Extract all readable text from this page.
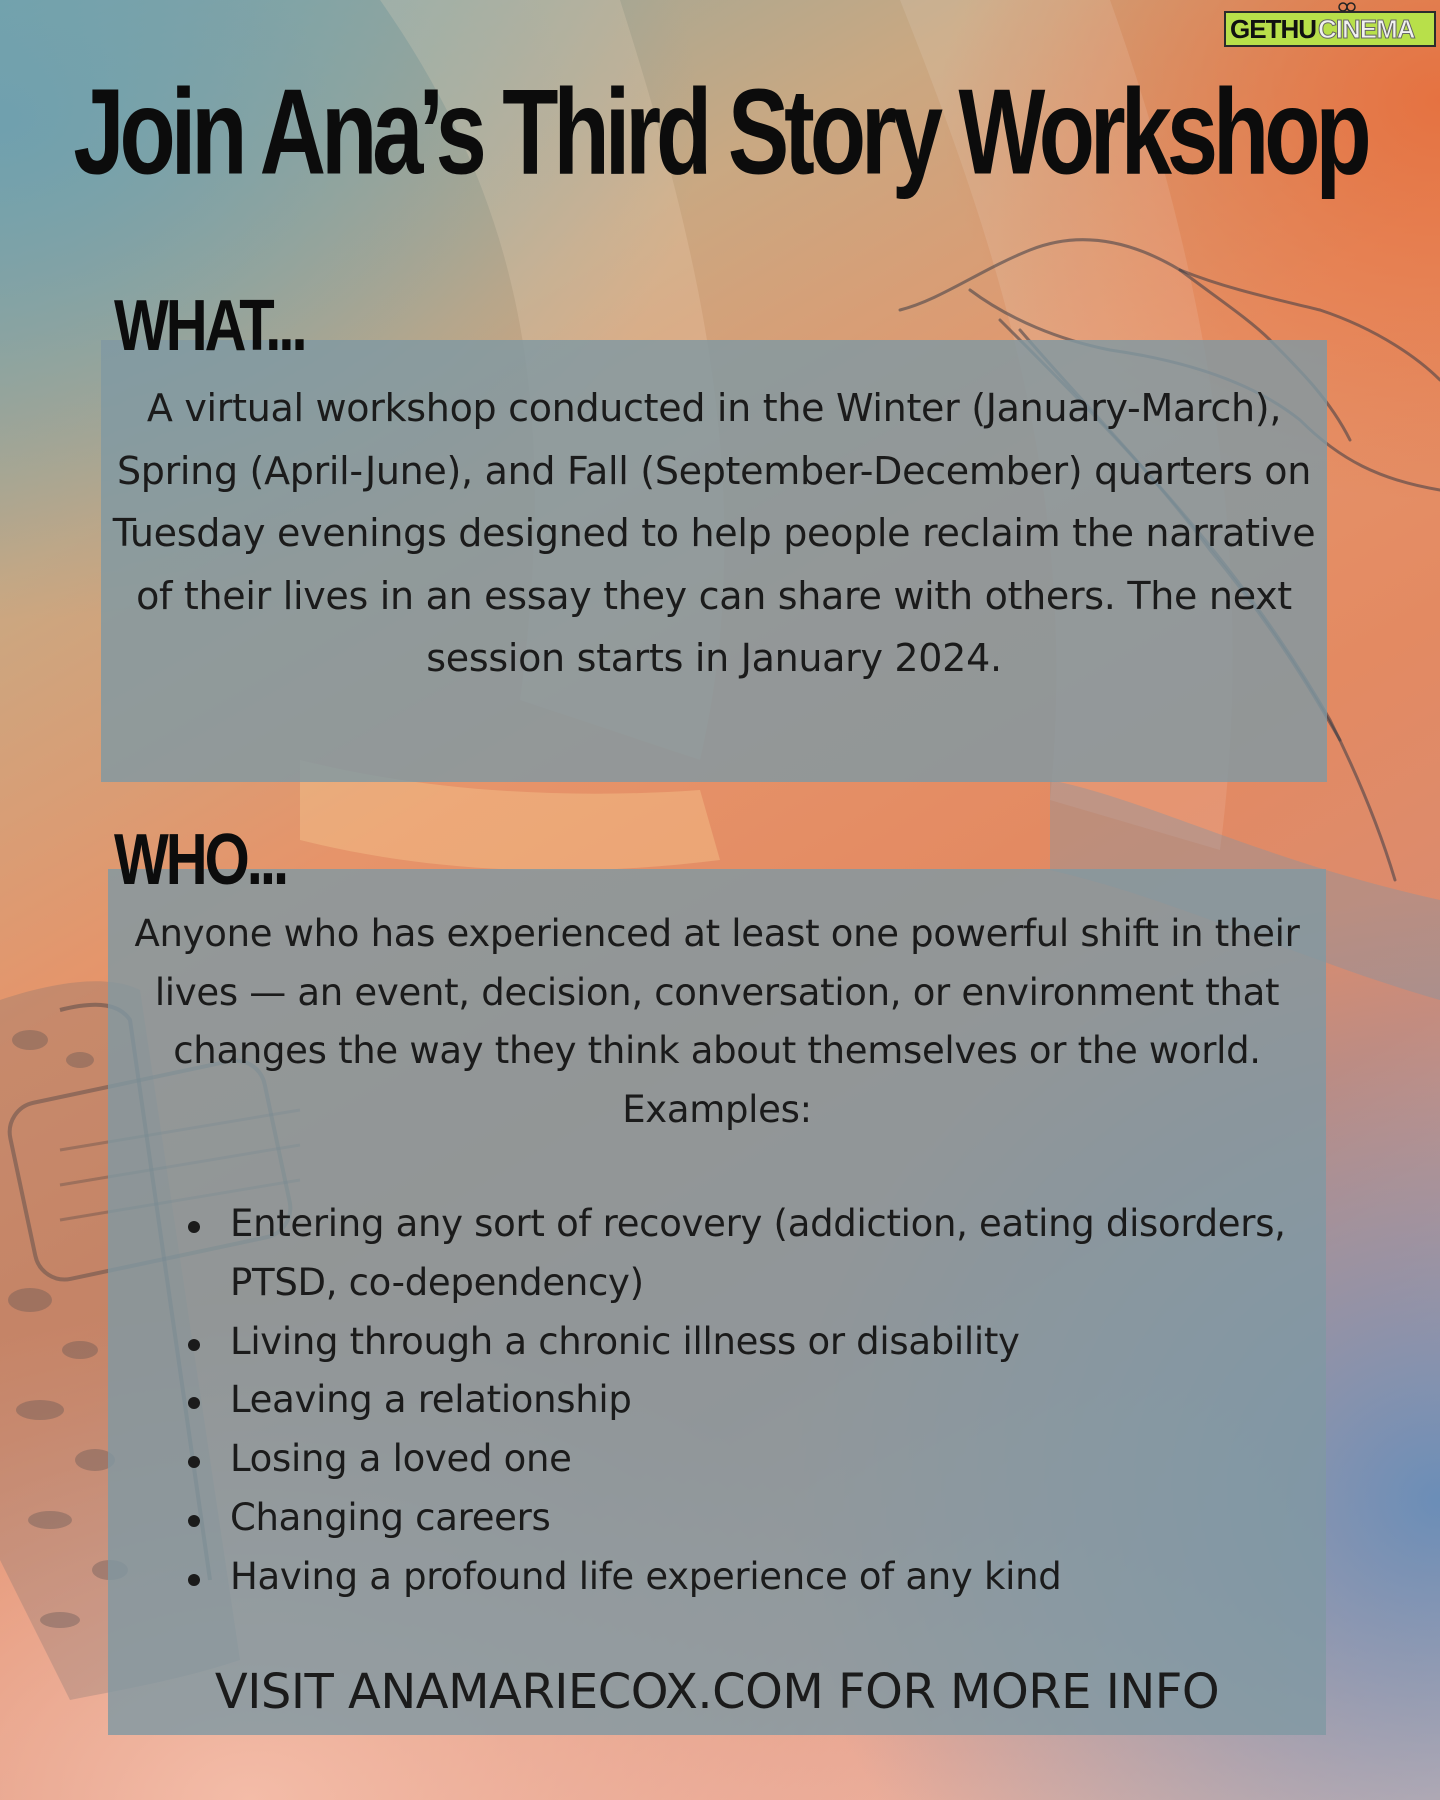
GETHU CINEMA
Join Ana’s Third Story Workshop
WHAT...

A virtual workshop conducted in the Winter (January-March), Spring (April-June), and Fall (September-December) quarters on Tuesday evenings designed to help people reclaim the narrative of their lives in an essay they can share with others. The next session starts in January 2024.

WHO...

Anyone who has experienced at least one powerful shift in their lives — an event, decision, conversation, or environment that changes the way they think about themselves or the world. Examples:

Entering any sort of recovery (addiction, eating disorders, PTSD, co-dependency)
Living through a chronic illness or disability
Leaving a relationship
Losing a loved one
Changing careers
Having a profound life experience of any kind

VISIT ANAMARIECOX.COM FOR MORE INFO
